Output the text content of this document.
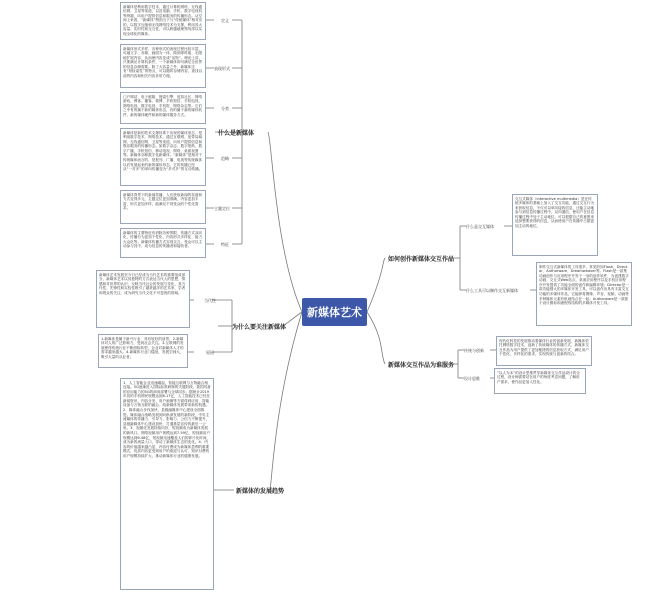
新媒体艺术
什么是新媒体
定义
新媒体是利用数字技术、通过计算机网络、无线通信网、卫星等渠道，以及电脑、手机、数字电视机等终端，向用户提供信息和服务的传播形态。从空间上来看，“新媒体”特指当下与“传统媒体”相对应的，以数字压缩和无线网络技术为支撑，利用其大容量、实时性和交互性，可以跨越地理界线得以实现全球化的媒体。
表现形式
新媒体形式多样，各种形式的表现过程比较丰富，可融文字、音频、画面为一体，做到即时地、无限地扩展内容，从而使内容变成“活物”。理论上讲，只要满足计算机条件，一个新媒体即可满足全世界的信息存储需要。除了大容量之外，新媒体还有“易检索性”的特点，可以随时存储内容，查找以前的内容和相关内容非常方便。
分类
门户网站、电子邮箱、搜索引擎、虚拟社区、网络游戏、博客、播客、微博、手机短信、手机电视、网络电视、数字电视、手机报、网络杂志等。它们之中有的属于新的媒体形态，有的属于新的媒体软件，新的媒体硬件和新的媒体服务方式。
范畴
新媒体是新的技术支撑体系下出现的媒体形态，是利用数字技术、网络技术，通过互联网、宽带局域网、无线通信网、卫星等渠道，向用户提供信息和娱乐服务的传播形态。如数字杂志、数字报纸、数字广播、手机短信、移动电视、网络、桌面视窗等。新媒体亦称数字化新媒体。“新媒体”是相对于传统媒体而言的，是报刊、广播、电视等传统媒体以后发展起来的新的媒体形态，它的传播已经从“一对多”的单向传播变为“多对多”的互动传播。
主题定位
新媒体背景下的新闻传播，人们获取新闻的渠道和方式变得多元，主题定位更加准确，内容更加丰富，形式更加多样，能满足不同受众的个性化需求。
特征
新媒体的主要特征有消除各种界限、传播方式双向化、传播行为更加个性化、内容形式多样化、能力大众化等。新媒体传播方式实现交互，受众可以主动参与其中，成为信息的传播者和接收者。
为什么要关注新媒体
当代性
新媒体艺术发展至今日已经成为当代艺术的重要组成部分，新媒体艺术以其独特的方式表达当代人的思想、情感和对世界的认识，反映当代社会的发展与变化，其当代性、先锋性和实验性吸引了越来越多的艺术家、学者和观众的关注，成为研究当代文化不可忽视的领域。
原因
1.新媒体是属于新兴行业，具有较好的前景。2.新媒体对人的广泛影响力，受到社会关注。3.互联网的发展使得传统行业不断面临转型，企业对新媒体人才的需求越来越大。4.新媒体行业门槛低，发展空间大，吸引大量的从业者。
新媒体的发展趋势
1、人工智能企业迅速崛起，智能互联网与万物融合相连接。5G逐渐进入国际标准研制的关键阶段，我国具备的应用能力的5G的商用部署与全球同步。据统计2019年初的手机网民规模达到8.17亿，人工智能技术已经在新闻资讯、内容分发、用户画像等方面得到应用，智能设备与万物互联的融合，给新媒体发展带来新的机遇。2、媒体融合步伐加快，县级融媒体中心建设全面推进。媒体融合战略发展到向纵深发展的新阶段，中央主流媒体的传播力、引导力、影响力、公信力不断提升，县级融媒体中心建设加快，打通基层宣传的最后一公里。3、视频化发展持续向好，短视频成为新媒体发展的新风口。网络视频用户规模达到7.59亿，短视频用户规模达到6.48亿，短视频迅速覆盖人们的碎片化时间，成为新的流量入口，带动了新媒体生态的变化。4、内容的价值越来越凸显，内容付费成为新媒体盈利的重要模式，优质内容更受到用户的欢迎与认可，知识付费的用户规模持续扩大，推动新媒体行业的健康发展。
如何创作新媒体交互作品
什么是交互媒体
交互式媒体（interactive multimedia）是在传统多媒体的基础上加入了交互功能，通过交互行为来获取信息，不仅可以单向接收信息，还能主动地参与到信息传播过程中，双向通信，使用户在信息传播过程中处于主动地位，可以根据自己的意愿来选择想要获得的信息，从而使用户在传播中占据更加主动的地位。
什么工具可以制作交互新媒体
制作交互式新媒体的工具很多，常见的如Flash、Director、Authorware、Dreamweaver等。Flash是一款集动画创作与应用程序开发于一身的创作软件，为创建数字动画、交互式Web站点、桌面应用程序以及手机应用程序开发提供了功能全面的创作和编辑环境；Director是一款功能强大的多媒体开发工具，可以创作出具有丰富交互功能的多媒体作品，它能够将图像、声音、视频、动画等多种媒体元素有机地结合在一起；Authorware是一款基于设计图标和流程线结构的多媒体开发工具。
新媒体交互作品为谁服务
传统与创新
现代化科技的发展推动着媒体行业的创新发展，新媒体依托网络数字技术，创新了传统媒体的传播方式，新媒体交互作品为用户提供了更加便捷的信息获取方式，满足用户个性化、多样化的需求，实现传统与创新的结合。
设计思维
“以人为本”的设计思维贯穿新媒体交互作品设计的全过程，设计师需要站在用户的角度考虑问题，了解用户需求，使作品更加人性化。
